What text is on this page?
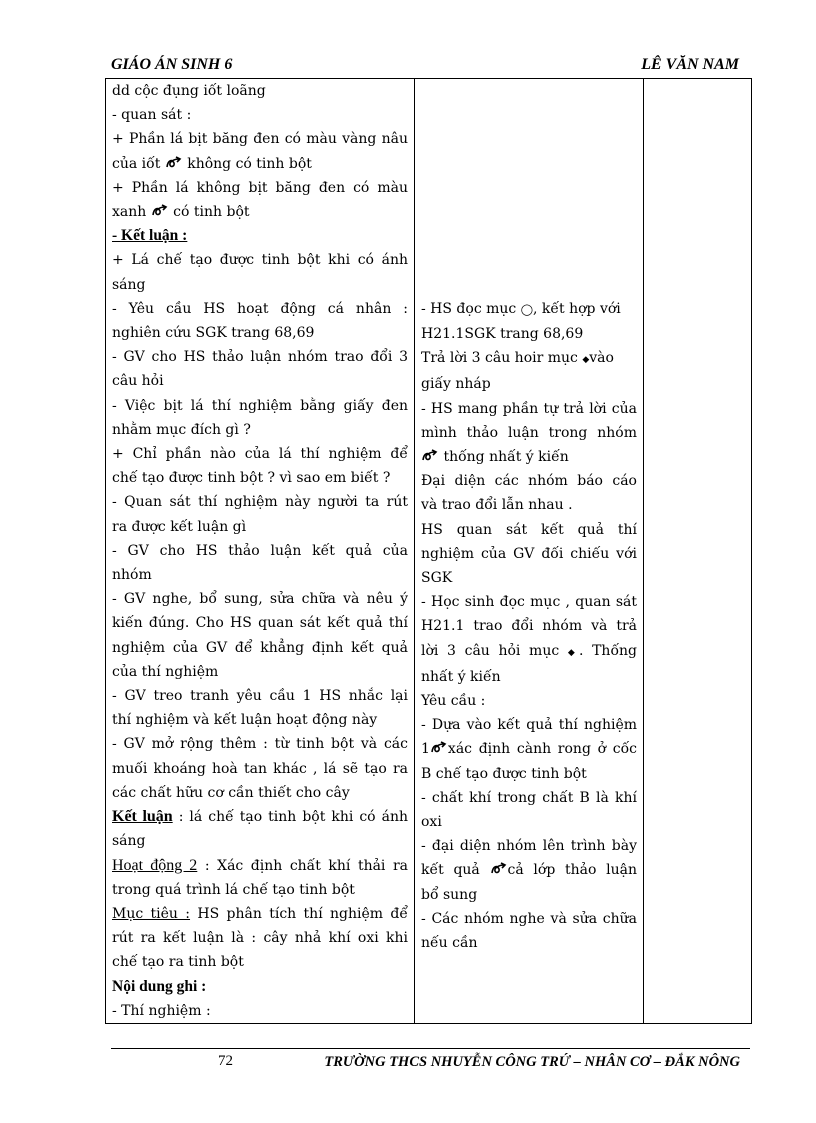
GIÁO ÁN SINH 6	LÊ VĂN NAM
dd cộc đụng iốt loãng
- quan sát :
+ Phần lá bịt băng đen có màu vàng nâu
của iốt  không có tinh bột
+ Phần lá không bịt băng đen có màu
xanh  có tinh bột
- Kết luận :
+ Lá chế tạo được tinh bột khi có ánh
sáng
- Yêu cầu HS hoạt động cá nhân :
nghiên cứu SGK trang 68,69
- GV cho HS thảo luận nhóm trao đổi 3
câu hỏi
- Việc bịt lá thí nghiệm bằng giấy đen
nhằm mục đích gì ?
+ Chỉ phần nào của lá thí nghiệm để
chế tạo được tinh bột ? vì sao em biết ?
- Quan sát thí nghiệm này người ta rút
ra được kết luận gì
- GV cho HS thảo luận kết quả của
nhóm
- GV nghe, bổ sung, sửa chữa và nêu ý
kiến đúng. Cho HS quan sát kết quả thí
nghiệm của GV để khẳng định kết quả
của thí nghiệm
- GV treo tranh yêu cầu 1 HS nhắc lại
thí nghiệm và kết luận hoạt động này
- GV mở rộng thêm : từ tinh bột và các
muối khoáng hoà tan khác , lá sẽ tạo ra
các chất hữu cơ cần thiết cho cây
Kết luận : lá chế tạo tinh bột khi có ánh
sáng
Hoạt động 2 : Xác định chất khí thải ra
trong quá trình lá chế tạo tinh bột
Mục tiêu : HS phân tích thí nghiệm để
rút ra kết luận là : cây nhả khí oxi khi
chế tạo ra tinh bột
Nội dung ghi :
- Thí nghiệm :

- HS đọc mục ◯, kết hợp với
H21.1SGK trang 68,69
Trả lời 3 câu hoir mục ◆vào
giấy nháp
- HS mang phần tự trả lời của
mình thảo luận trong nhóm
thống nhất ý kiến
Đại diện các nhóm báo cáo
và trao đổi lẫn nhau .
HS quan sát kết quả thí
nghiệm của GV đối chiếu với
SGK
- Học sinh đọc mục , quan sát
H21.1 trao đổi nhóm và trả
lời 3 câu hỏi mục ◆. Thống
nhất ý kiến
Yêu cầu :
- Dựa vào kết quả thí nghiệm
1 xác định cành rong ở cốc
B chế tạo được tinh bột
- chất khí trong chất B là khí
oxi
- đại diện nhóm lên trình bày
kết quả cả lớp thảo luận
bổ sung
- Các nhóm nghe và sửa chữa
nếu cần

72	TRƯỜNG THCS NHUYỄN CÔNG TRỨ – NHÂN CƠ – ĐẮK NÔNG
